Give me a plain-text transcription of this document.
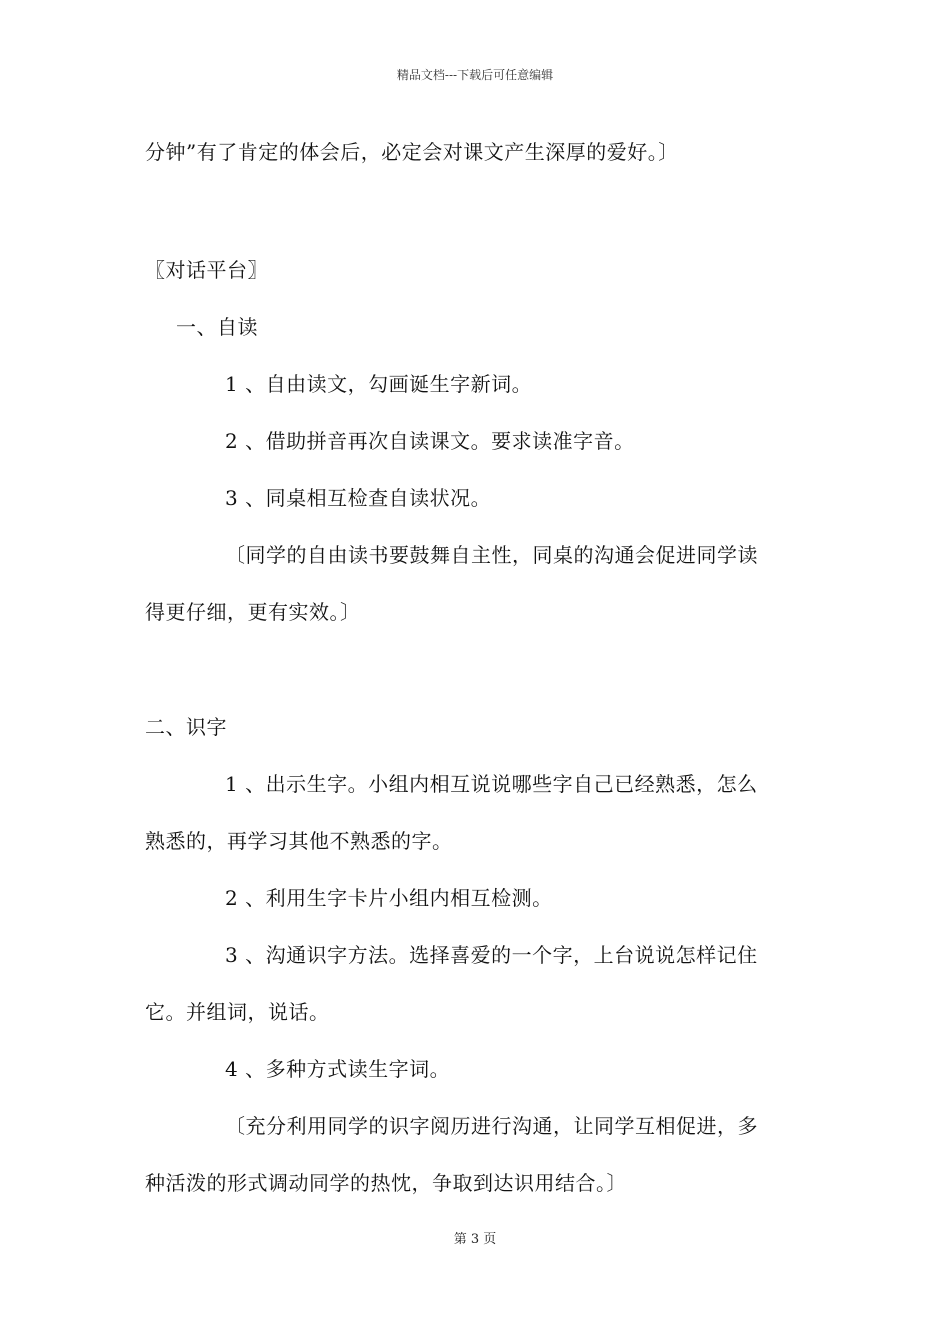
精品文档---下载后可任意编辑
分钟”有了肯定的体会后，必定会对课文产生深厚的爱好。〕
〖对话平台〗
一、自读
1 、自由读文，勾画诞生字新词。
2 、借助拼音再次自读课文。要求读准字音。
3 、同桌相互检查自读状况。
〔同学的自由读书要鼓舞自主性，同桌的沟通会促进同学读
得更仔细，更有实效。〕
二、识字
1 、出示生字。小组内相互说说哪些字自己已经熟悉，怎么
熟悉的，再学习其他不熟悉的字。
2 、利用生字卡片小组内相互检测。
3 、沟通识字方法。选择喜爱的一个字，上台说说怎样记住
它。并组词，说话。
4 、多种方式读生字词。
〔充分利用同学的识字阅历进行沟通，让同学互相促进，多
种活泼的形式调动同学的热忱，争取到达识用结合。〕
第 3 页
